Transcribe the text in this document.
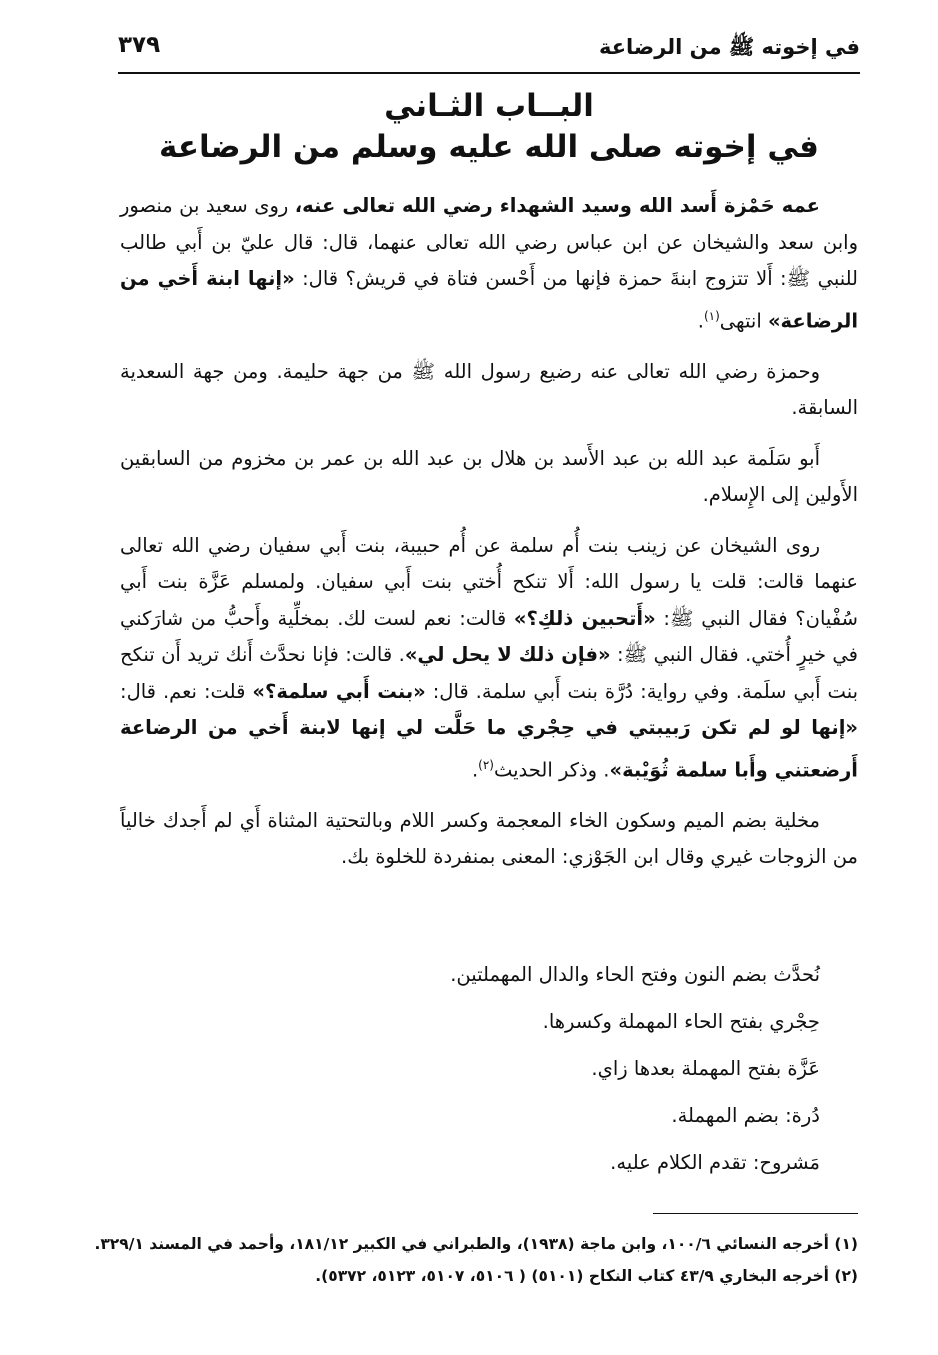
في إخوته ﷺ من الرضاعة
٣٧٩
البــاب الثـاني
في إخوته صلى الله عليه وسلم من الرضاعة

عمه حَمْزة أَسد الله وسيد الشهداء رضي الله تعالى عنه، روى سعيد بن منصور وابن سعد والشيخان عن ابن عباس رضي الله تعالى عنهما، قال: قال عليّ بن أَبي طالب للنبي ﷺ: أَلا تتزوج ابنةَ حمزة فإنها من أَحْسن فتاة في قريش؟ قال: «إنها ابنة أَخي من الرضاعة» انتهى$^{(١)}$.

وحمزة رضي الله تعالى عنه رضيع رسول الله ﷺ من جهة حليمة. ومن جهة السعدية السابقة.

أَبو سَلَمة عبد الله بن عبد الأَسد بن هلال بن عبد الله بن عمر بن مخزوم من السابقين الأَولين إلى الإِسلام.

روى الشيخان عن زينب بنت أُم سلمة عن أُم حبيبة، بنت أَبي سفيان رضي الله تعالى عنهما قالت: قلت يا رسول الله: أَلا تنكح أُختي بنت أَبي سفيان. ولمسلم عَزَّة بنت أَبي سُفْيان؟ فقال النبي ﷺ: «أَتحبين ذلكِ؟» قالت: نعم لست لك. بمخلِّية وأَحبُّ من شارَكني في خيرٍ أُختي. فقال النبي ﷺ: «فإن ذلك لا يحل لي». قالت: فإنا نحدَّث أَنك تريد أَن تنكح بنت أَبي سلَمة. وفي رواية: دُرَّة بنت أَبي سلمة. قال: «بنت أَبي سلمة؟» قلت: نعم. قال: «إنها لو لم تكن رَبيبتي في حِجْري ما حَلَّت لي إنها لابنة أَخي من الرضاعة أَرضعتني وأَبا سلمة ثُوَيْبة». وذكر الحديث$^{(٢)}$.

مخلية بضم الميم وسكون الخاء المعجمة وكسر اللام وبالتحتية المثناة أَي لم أَجدك خالياً من الزوجات غيري وقال ابن الجَوْزي: المعنى بمنفردة للخلوة بك.

نُحدَّث بضم النون وفتح الحاء والدال المهملتين.

حِجْري بفتح الحاء المهملة وكسرها.

عَزَّة بفتح المهملة بعدها زاي.

دُرة: بضم المهملة.

مَشروح: تقدم الكلام عليه.

(١) أخرجه النسائي ١٠٠/٦، وابن ماجة (١٩٣٨)، والطبراني في الكبير ١٨١/١٢، وأحمد في المسند ٣٢٩/١.

(٢) أخرجه البخاري ٤٣/٩ كتاب النكاح (٥١٠١) ( ٥١٠٦، ٥١٠٧، ٥١٢٣، ٥٣٧٢).
